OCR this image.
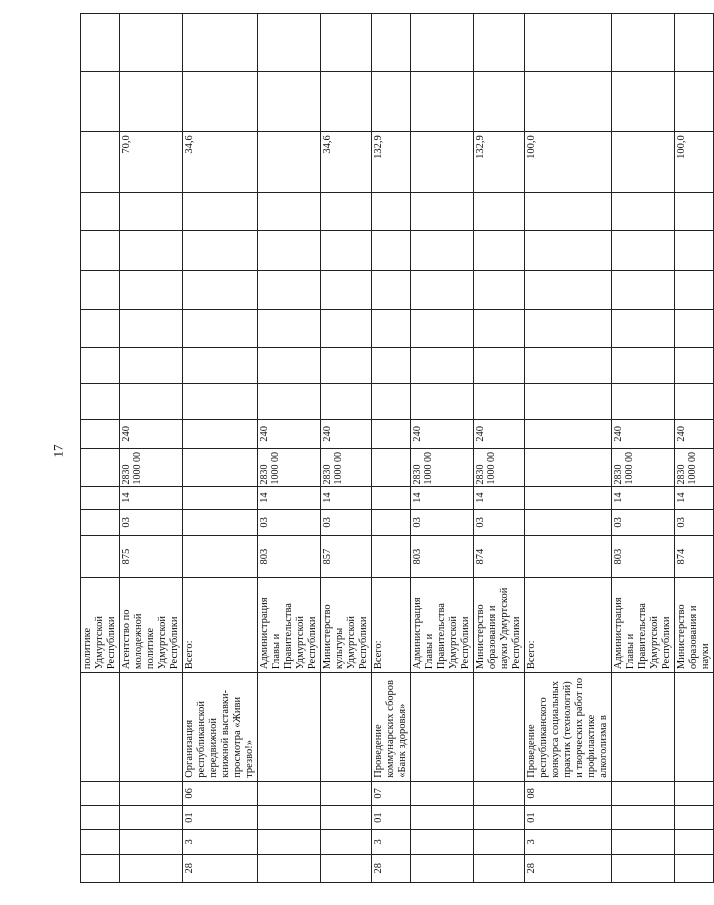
17
					политике Удмуртской Республики														
					Агентство по молодежной политике Удмуртской Республики	875	03	14	2830 1000 00	240							70,0		
28	3	01	06	Организация республиканской передвижной книжной выставки-просмотра «Живи трезво!»	Всего:												34,6		
					Администрация Главы и Правительства Удмуртской Республики	803	03	14	2830 1000 00	240									
					Министерство культуры Удмуртской Республики	857	03	14	2830 1000 00	240							34,6		
28	3	01	07	Проведение коммунарских сборов «Банк здоровья»	Всего:												132,9		
					Администрация Главы и Правительства Удмуртской Республики	803	03	14	2830 1000 00	240									
					Министерство образования и науки Удмуртской Республики	874	03	14	2830 1000 00	240							132,9		
28	3	01	08	Проведение республиканского конкурса социальных практик (технологий) и творческих работ по профилактике алкоголизма в	Всего:												100,0		
					Администрация Главы и Правительства Удмуртской Республики	803	03	14	2830 1000 00	240									
					Министерство образования и науки	874	03	14	2830 1000 00	240							100,0		
